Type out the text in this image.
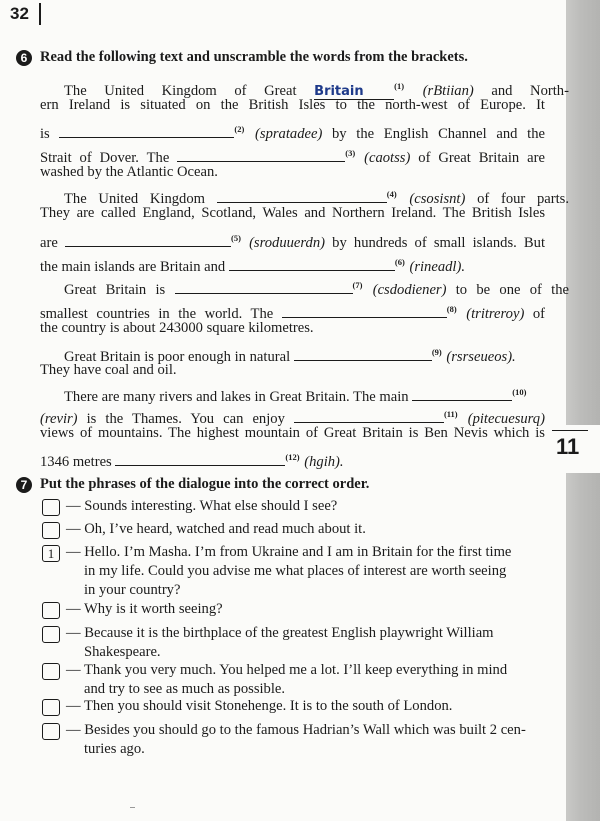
32
11
6 Read the following text and unscramble the words from the brackets.
The United Kingdom of Great Britain	$^{(1)}$ (rBtiian) and North-
ern Ireland is situated on the British Isles to the north-west of Europe. It
is	$^{(2)}$ (spratadee) by the English Channel and the
Strait of Dover. The	$^{(3)}$ (caotss) of Great Britain are
washed by the Atlantic Ocean.
The United Kingdom	$^{(4)}$ (csosisnt) of four parts.
They are called England, Scotland, Wales and Northern Ireland. The British Isles
are	$^{(5)}$ (sroduuerdn) by hundreds of small islands. But
the main islands are Britain and	$^{(6)}$ (rineadl).
Great Britain is	$^{(7)}$ (csdodiener) to be one of the
smallest countries in the world. The	$^{(8)}$ (tritreroy) of
the country is about 243000 square kilometres.
Great Britain is poor enough in natural	$^{(9)}$ (rsrseueos).
They have coal and oil.
There are many rivers and lakes in Great Britain. The main	$^{(10)}$
(revir) is the Thames. You can enjoy	$^{(11)}$ (pitecuesurq)
views of mountains. The highest mountain of Great Britain is Ben Nevis which is
1346 metres	$^{(12)}$ (hgih).
7 Put the phrases of the dialogue into the correct order.
— Sounds interesting. What else should I see?
— Oh, I’ve heard, watched and read much about it.
1 — Hello. I’m Masha. I’m from Ukraine and I am in Britain for the first time
in my life. Could you advise me what places of interest are worth seeing
in your country?
— Why is it worth seeing?
— Because it is the birthplace of the greatest English playwright William
Shakespeare.
— Thank you very much. You helped me a lot. I’ll keep everything in mind
and try to see as much as possible.
— Then you should visit Stonehenge. It is to the south of London.
— Besides you should go to the famous Hadrian’s Wall which was built 2 cen-
turies ago.
